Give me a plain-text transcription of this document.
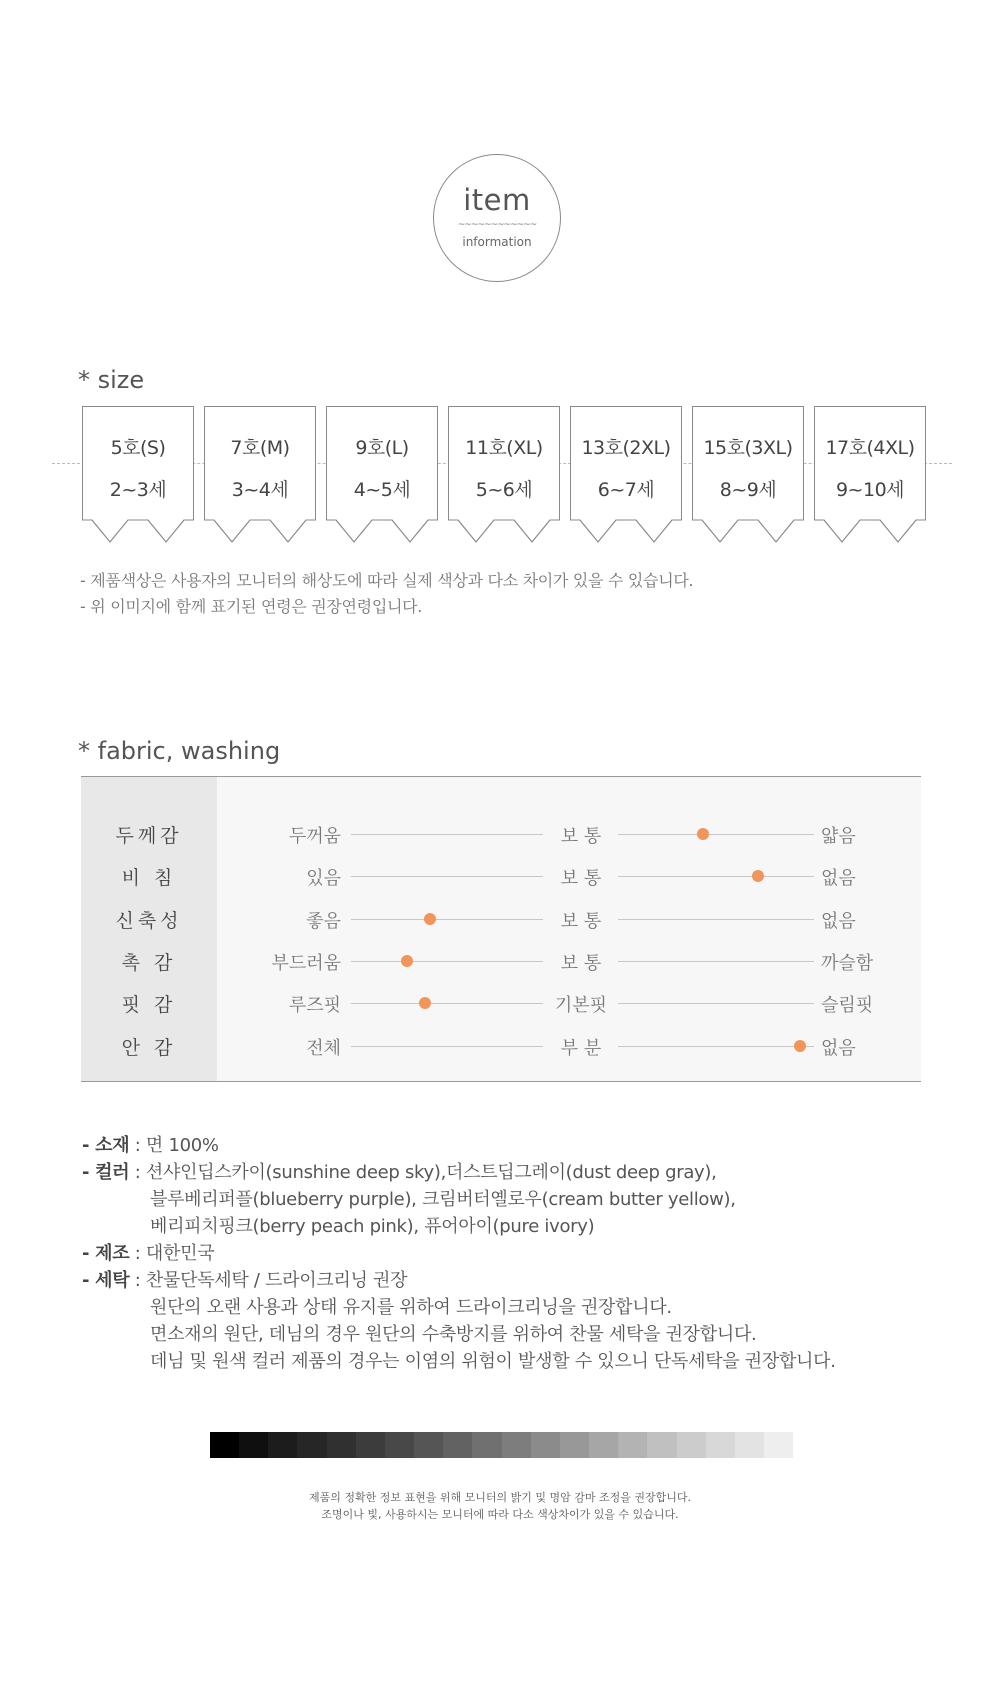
item
~~~~~~~~~~~~
information
* size
5호(S)
2~3세
7호(M)
3~4세
9호(L)
4~5세
11호(XL)
5~6세
13호(2XL)
6~7세
15호(3XL)
8~9세
17호(4XL)
9~10세
- 제품색상은 사용자의 모니터의 해상도에 따라 실제 색상과 다소 차이가 있을 수 있습니다.
- 위 이미지에 함께 표기된 연령은 권장연령입니다.
* fabric, washing
두께감	두꺼움	보 통	얇음
비 침	있음	보 통	없음
신축성	좋음	보 통	없음
촉 감	부드러움	보 통	까슬함
핏 감	루즈핏	기본핏	슬림핏
안 감	전체	부 분	없음
- 소재 : 면 100%
- 컬러 : 션샤인딥스카이(sunshine deep sky),더스트딥그레이(dust deep gray),
블루베리퍼플(blueberry purple), 크림버터옐로우(cream butter yellow),
베리피치핑크(berry peach pink), 퓨어아이(pure ivory)
- 제조 : 대한민국
- 세탁 : 찬물단독세탁 / 드라이크리닝 권장
원단의 오랜 사용과 상태 유지를 위하여 드라이크리닝을 권장합니다.
면소재의 원단, 데님의 경우 원단의 수축방지를 위하여 찬물 세탁을 권장합니다.
데님 및 원색 컬러 제품의 경우는 이염의 위험이 발생할 수 있으니 단독세탁을 권장합니다.
제품의 정확한 정보 표현을 위해 모니터의 밝기 및 명암 감마 조정을 권장합니다.
조명이나 빛, 사용하시는 모니터에 따라 다소 색상차이가 있을 수 있습니다.
